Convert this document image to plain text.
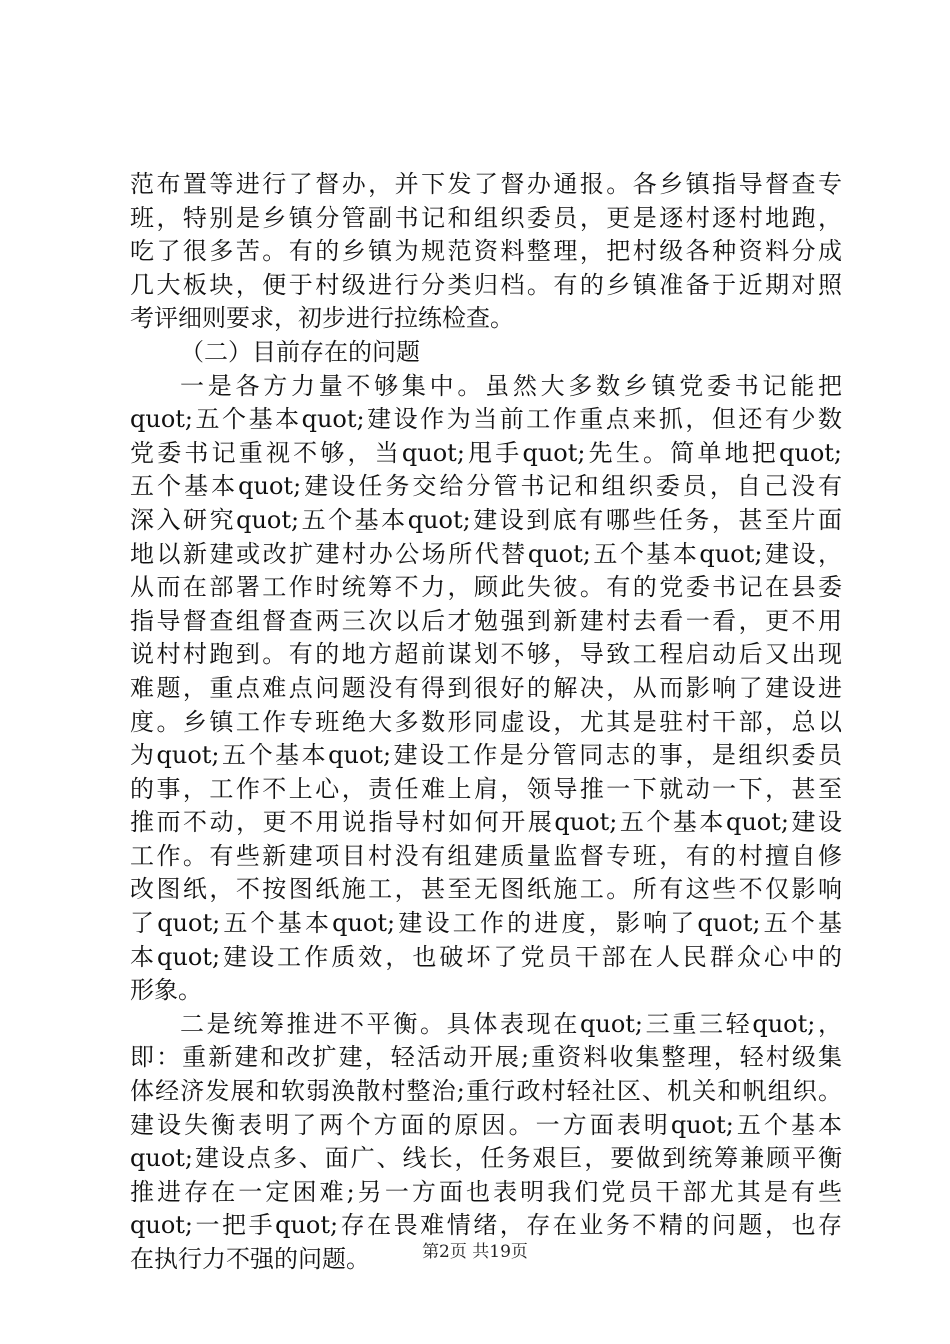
范布置等进行了督办，并下发了督办通报。各乡镇指导督查专
班，特别是乡镇分管副书记和组织委员，更是逐村逐村地跑，
吃了很多苦。有的乡镇为规范资料整理，把村级各种资料分成
几大板块，便于村级进行分类归档。有的乡镇准备于近期对照
考评细则要求，初步进行拉练检查。
（二）目前存在的问题
一是各方力量不够集中。虽然大多数乡镇党委书记能把
quot;五个基本quot;建设作为当前工作重点来抓，但还有少数
党委书记重视不够，当quot;甩手quot;先生。简单地把quot;
五个基本quot;建设任务交给分管书记和组织委员，自己没有
深入研究quot;五个基本quot;建设到底有哪些任务，甚至片面
地以新建或改扩建村办公场所代替quot;五个基本quot;建设，
从而在部署工作时统筹不力，顾此失彼。有的党委书记在县委
指导督查组督查两三次以后才勉强到新建村去看一看，更不用
说村村跑到。有的地方超前谋划不够，导致工程启动后又出现
难题，重点难点问题没有得到很好的解决，从而影响了建设进
度。乡镇工作专班绝大多数形同虚设，尤其是驻村干部，总以
为quot;五个基本quot;建设工作是分管同志的事，是组织委员
的事，工作不上心，责任难上肩，领导推一下就动一下，甚至
推而不动，更不用说指导村如何开展quot;五个基本quot;建设
工作。有些新建项目村没有组建质量监督专班，有的村擅自修
改图纸，不按图纸施工，甚至无图纸施工。所有这些不仅影响
了quot;五个基本quot;建设工作的进度，影响了quot;五个基
本quot;建设工作质效，也破坏了党员干部在人民群众心中的
形象。
二是统筹推进不平衡。具体表现在quot;三重三轻quot;，
即：重新建和改扩建，轻活动开展;重资料收集整理，轻村级集
体经济发展和软弱涣散村整治;重行政村轻社区、机关和帆组织。
建设失衡表明了两个方面的原因。一方面表明quot;五个基本
quot;建设点多、面广、线长，任务艰巨，要做到统筹兼顾平衡
推进存在一定困难;另一方面也表明我们党员干部尤其是有些
quot;一把手quot;存在畏难情绪，存在业务不精的问题，也存
在执行力不强的问题。	第2页 共19页
